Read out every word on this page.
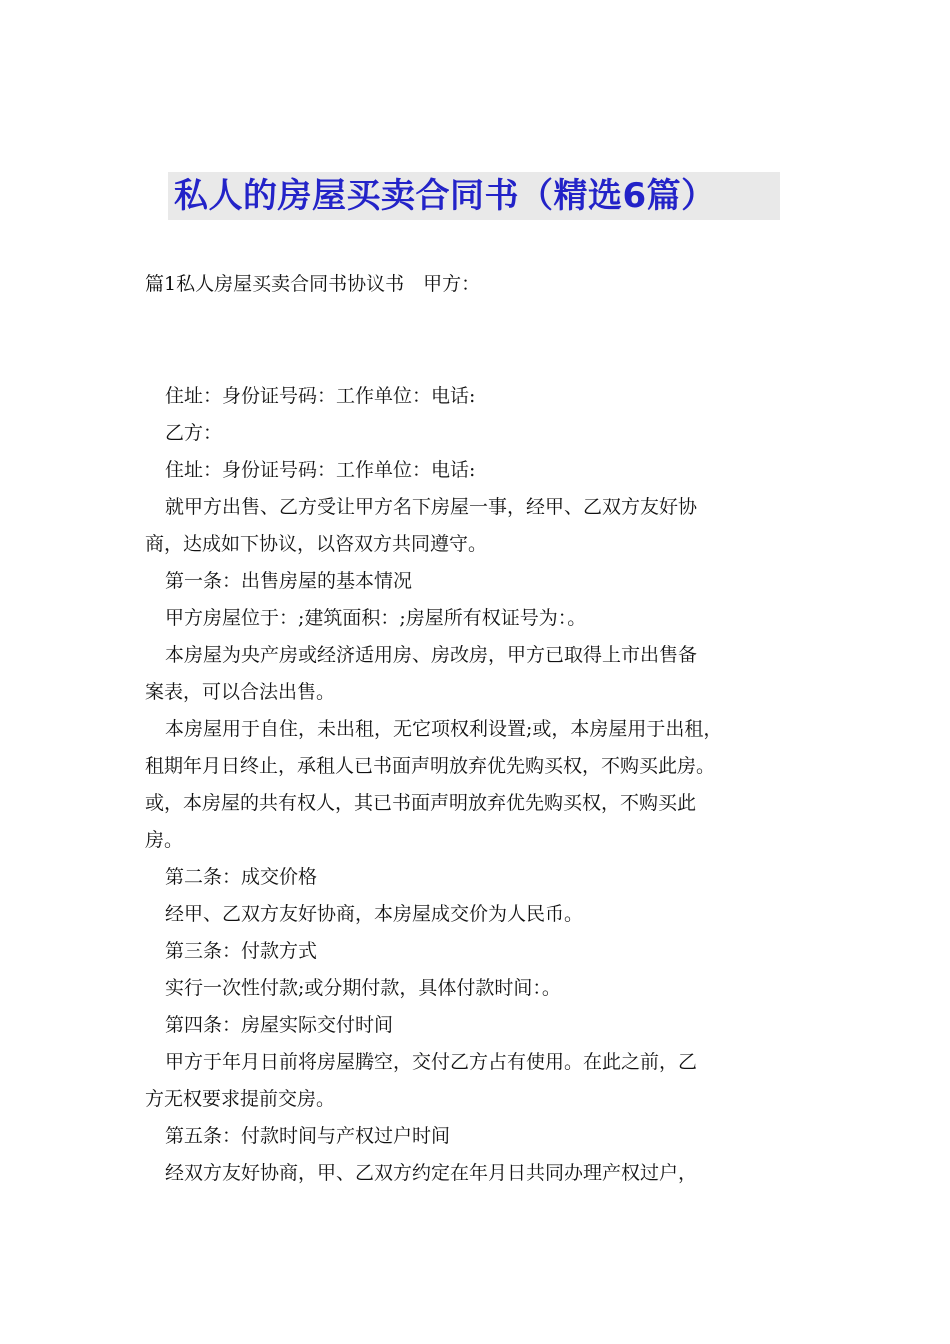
私人的房屋买卖合同书（精选6篇）
篇1私人房屋买卖合同书协议书　甲方：

住址：身份证号码：工作单位：电话:

乙方：

住址：身份证号码：工作单位：电话:

就甲方出售、乙方受让甲方名下房屋一事，经甲、乙双方友好协
商，达成如下协议，以咨双方共同遵守。

第一条：出售房屋的基本情况

甲方房屋位于：;建筑面积：;房屋所有权证号为：。

本房屋为央产房或经济适用房、房改房，甲方已取得上市出售备
案表，可以合法出售。

本房屋用于自住，未出租，无它项权利设置;或，本房屋用于出租，
租期年月日终止，承租人已书面声明放弃优先购买权，不购买此房。
或，本房屋的共有权人，其已书面声明放弃优先购买权，不购买此
房。

第二条：成交价格

经甲、乙双方友好协商，本房屋成交价为人民币。

第三条：付款方式

实行一次性付款;或分期付款，具体付款时间：。

第四条：房屋实际交付时间

甲方于年月日前将房屋腾空，交付乙方占有使用。在此之前，乙
方无权要求提前交房。

第五条：付款时间与产权过户时间

经双方友好协商，甲、乙双方约定在年月日共同办理产权过户，
